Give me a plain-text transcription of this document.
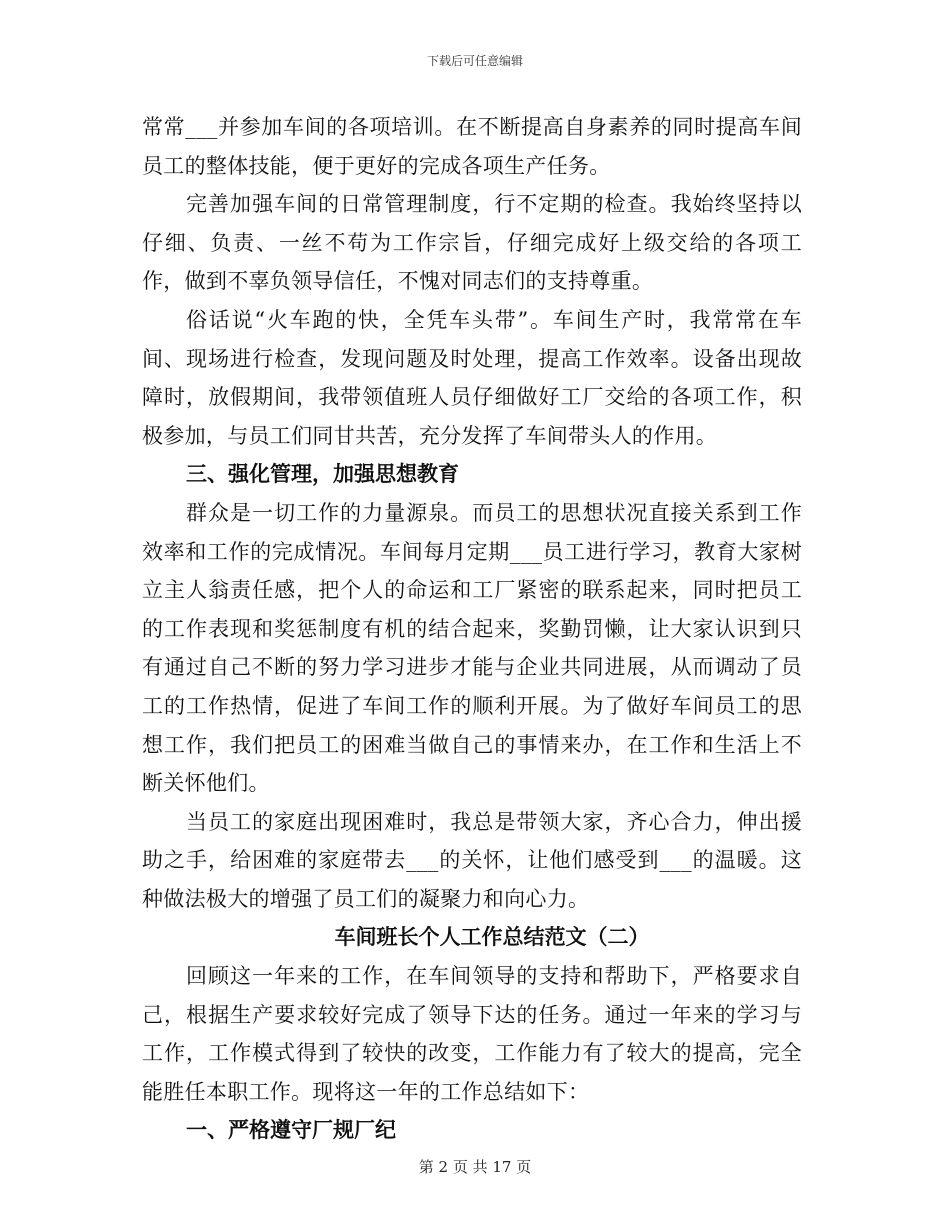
下载后可任意编辑

常常___并参加车间的各项培训。在不断提高自身素养的同时提高车间员工的整体技能，便于更好的完成各项生产任务。

完善加强车间的日常管理制度，行不定期的检查。我始终坚持以仔细、负责、一丝不苟为工作宗旨，仔细完成好上级交给的各项工作，做到不辜负领导信任，不愧对同志们的支持尊重。

俗话说“火车跑的快，全凭车头带”。车间生产时，我常常在车间、现场进行检查，发现问题及时处理，提高工作效率。设备出现故障时，放假期间，我带领值班人员仔细做好工厂交给的各项工作，积极参加，与员工们同甘共苦，充分发挥了车间带头人的作用。

三、强化管理，加强思想教育

群众是一切工作的力量源泉。而员工的思想状况直接关系到工作效率和工作的完成情况。车间每月定期___员工进行学习，教育大家树立主人翁责任感，把个人的命运和工厂紧密的联系起来，同时把员工的工作表现和奖惩制度有机的结合起来，奖勤罚懒，让大家认识到只有通过自己不断的努力学习进步才能与企业共同进展，从而调动了员工的工作热情，促进了车间工作的顺利开展。为了做好车间员工的思想工作，我们把员工的困难当做自己的事情来办，在工作和生活上不断关怀他们。

当员工的家庭出现困难时，我总是带领大家，齐心合力，伸出援助之手，给困难的家庭带去___的关怀，让他们感受到___的温暖。这种做法极大的增强了员工们的凝聚力和向心力。

车间班长个人工作总结范文（二）

回顾这一年来的工作，在车间领导的支持和帮助下，严格要求自己，根据生产要求较好完成了领导下达的任务。通过一年来的学习与工作，工作模式得到了较快的改变，工作能力有了较大的提高，完全能胜任本职工作。现将这一年的工作总结如下：

一、严格遵守厂规厂纪

第 2 页 共 17 页
